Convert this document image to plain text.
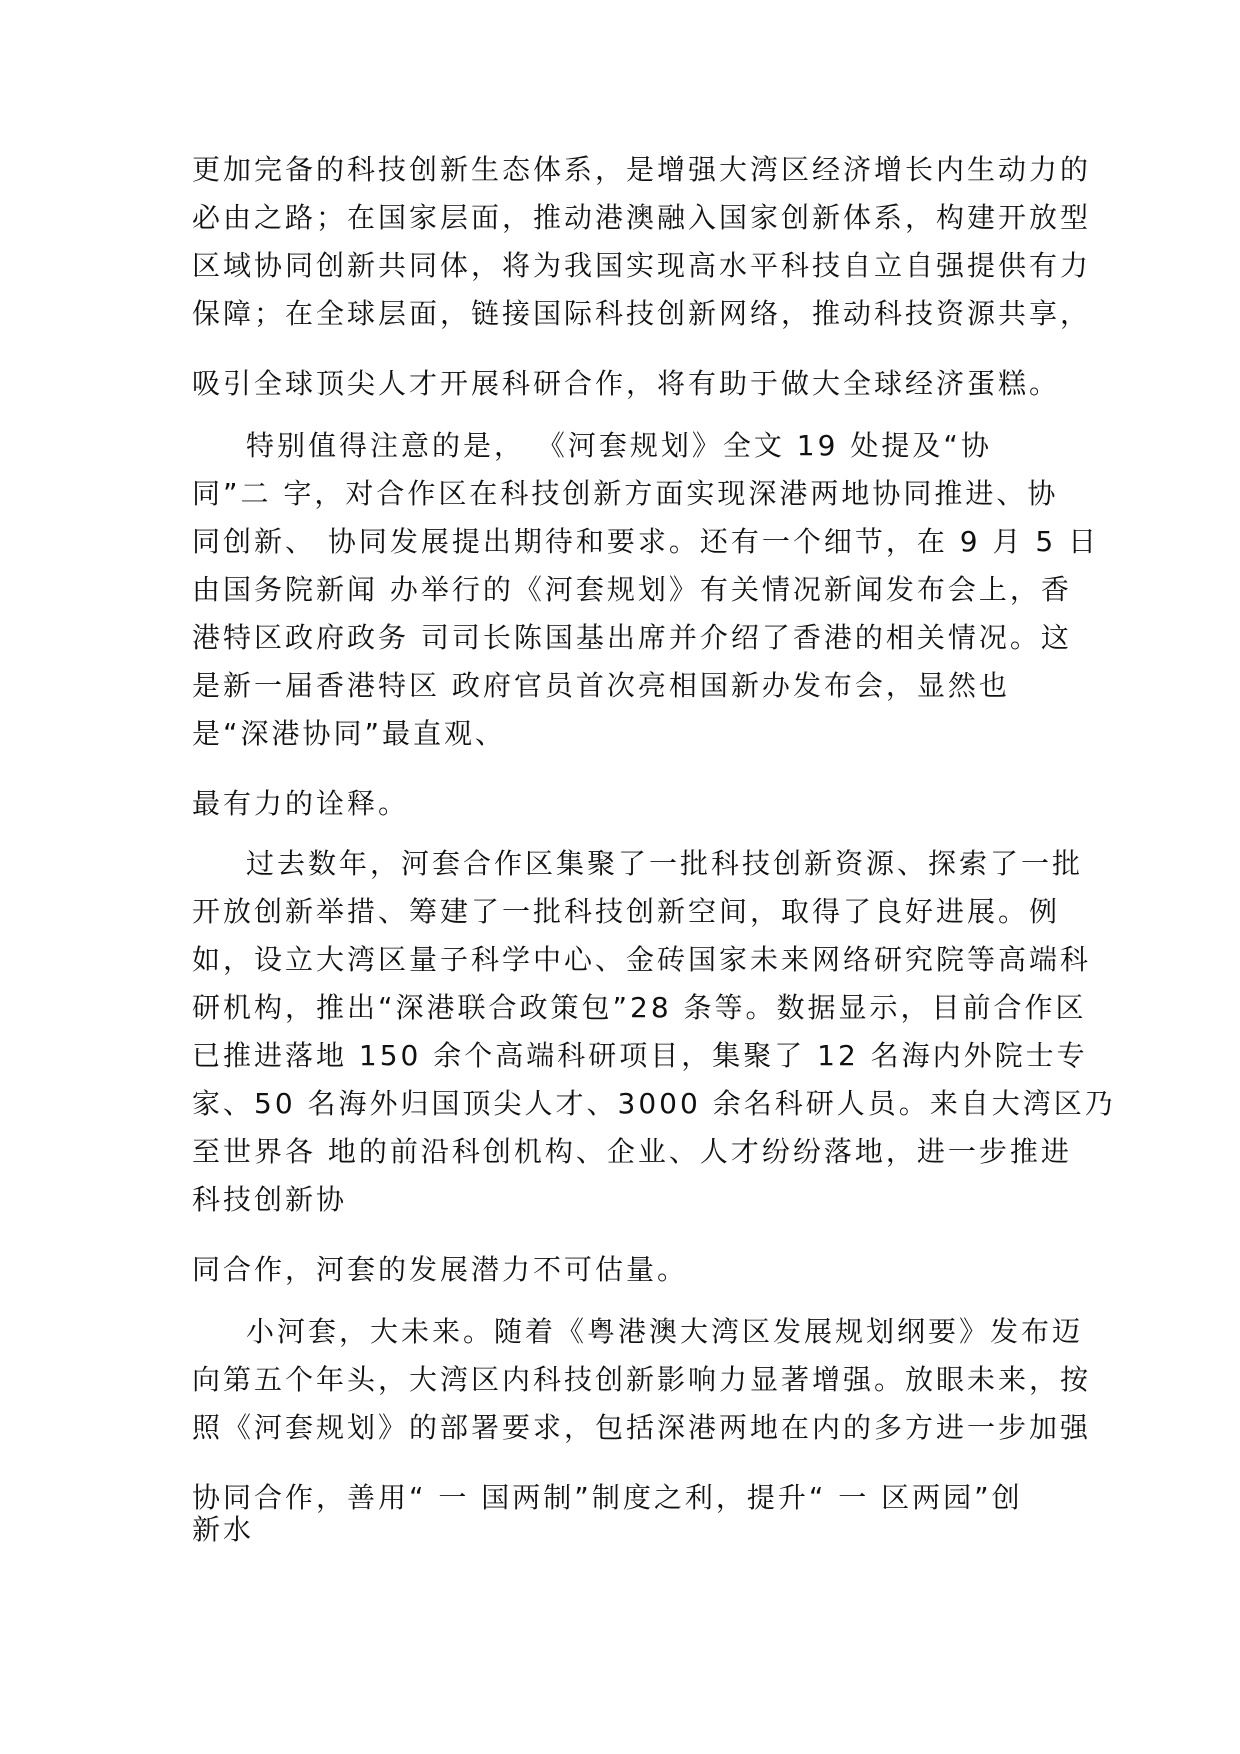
更加完备的科技创新生态体系，是增强大湾区经济增长内生动力的
必由之路；在国家层面，推动港澳融入国家创新体系，构建开放型
区域协同创新共同体，将为我国实现高水平科技自立自强提供有力
保障；在全球层面，链接国际科技创新网络，推动科技资源共享，
吸引全球顶尖人才开展科研合作，将有助于做大全球经济蛋糕。
特别值得注意的是， 《河套规划》全文 19 处提及“协
同”二 字，对合作区在科技创新方面实现深港两地协同推进、协
同创新、 协同发展提出期待和要求。还有一个细节，在 9 月 5 日
由国务院新闻 办举行的《河套规划》有关情况新闻发布会上，香
港特区政府政务 司司长陈国基出席并介绍了香港的相关情况。这
是新一届香港特区 政府官员首次亮相国新办发布会，显然也
是“深港协同”最直观、
最有力的诠释。
过去数年，河套合作区集聚了一批科技创新资源、探索了一批
开放创新举措、筹建了一批科技创新空间，取得了良好进展。例
如，设立大湾区量子科学中心、金砖国家未来网络研究院等高端科
研机构，推出“深港联合政策包”28 条等。数据显示，目前合作区
已推进落地 150 余个高端科研项目，集聚了 12 名海内外院士专
家、50 名海外归国顶尖人才、3000 余名科研人员。来自大湾区乃
至世界各 地的前沿科创机构、企业、人才纷纷落地，进一步推进
科技创新协
同合作，河套的发展潜力不可估量。
小河套，大未来。随着《粤港澳大湾区发展规划纲要》发布迈
向第五个年头，大湾区内科技创新影响力显著增强。放眼未来，按
照《河套规划》的部署要求，包括深港两地在内的多方进一步加强
协同合作，善用“ 一 国两制”制度之利，提升“ 一 区两园”创
新水
